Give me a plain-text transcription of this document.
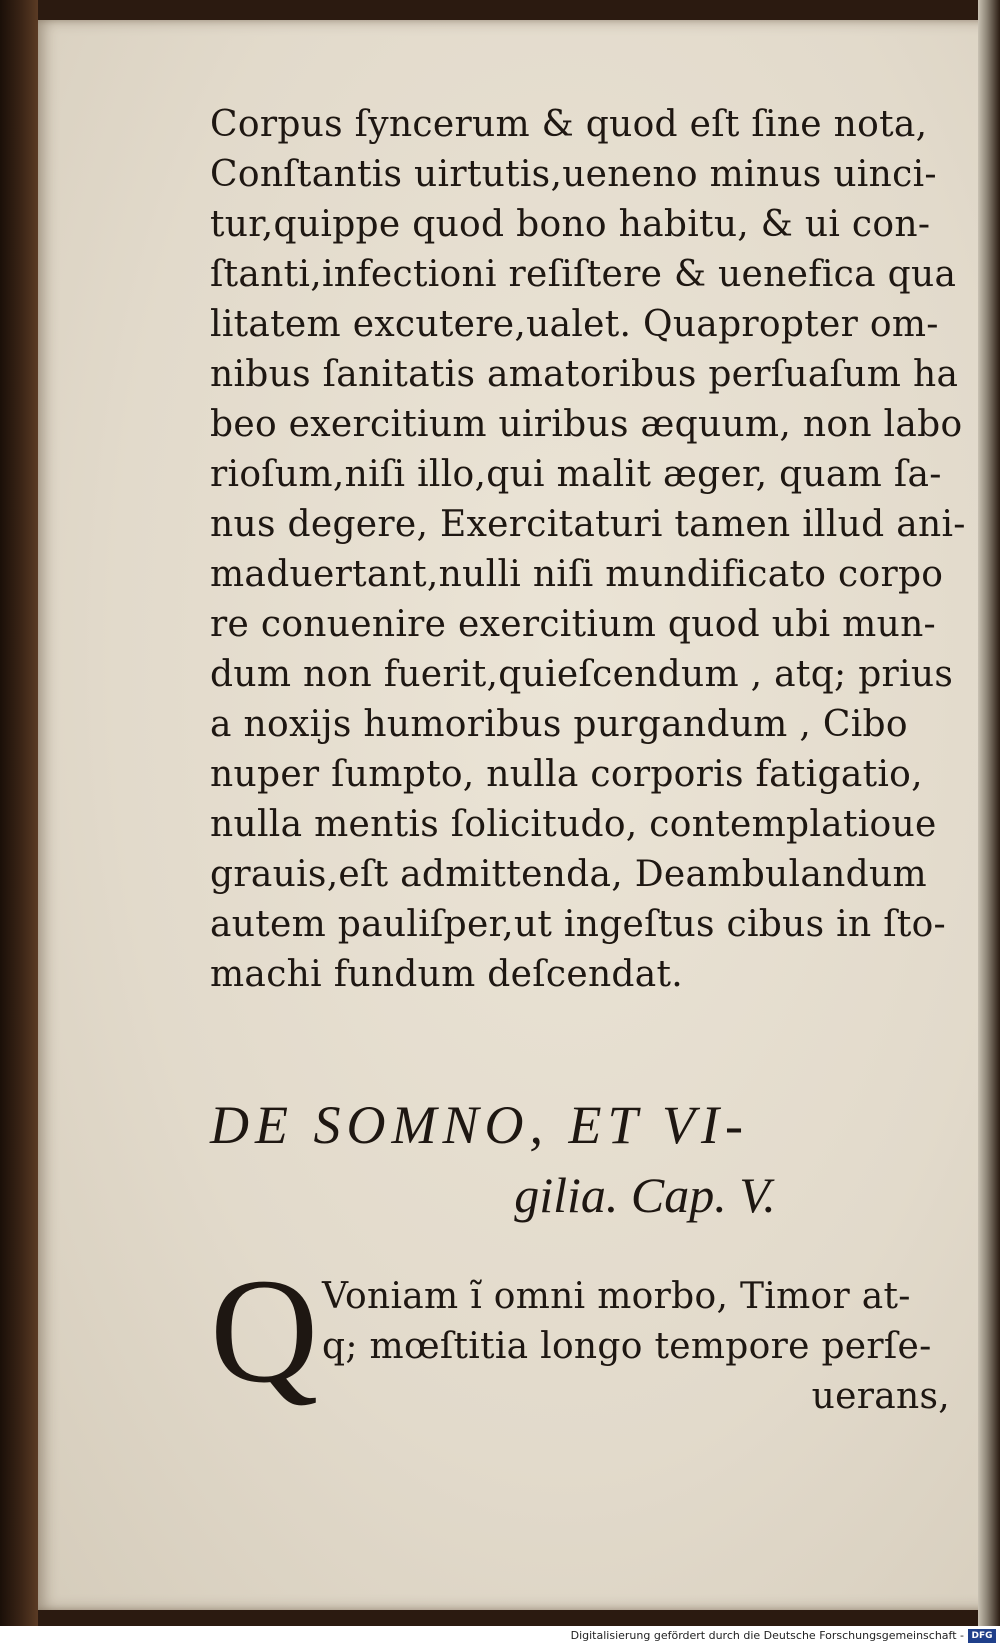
Corpus ſyncerum & quod eſt ſine nota,
Conſtantis uirtutis,ueneno minus uinci-
tur,quippe quod bono habitu, & ui con-
ſtanti,infectioni reſiſtere & uenefica qua
litatem excutere,ualet. Quapropter om-
nibus ſanitatis amatoribus perſuaſum ha
beo exercitium uiribus æquum, non labo
rioſum,niſi illo,qui malit æger, quam ſa-
nus degere, Exercitaturi tamen illud ani-
maduertant,nulli niſi mundificato corpo
re conuenire exercitium quod ubi mun-
dum non fuerit,quieſcendum , atq; prius
a noxijs humoribus purgandum , Cibo
nuper ſumpto, nulla corporis fatigatio,
nulla mentis ſolicitudo, contemplatioue
grauis,eſt admittenda, Deambulandum
autem pauliſper,ut ingeſtus cibus in ſto-
machi fundum deſcendat.
DE SOMNO, ET VI-
gilia. Cap. V.
Q Voniam ĩ omni morbo, Timor at-
q; mœſtitia longo tempore perſe-
uerans,
Digitalisierung gefördert durch die Deutsche Forschungsgemeinschaft - DFG
